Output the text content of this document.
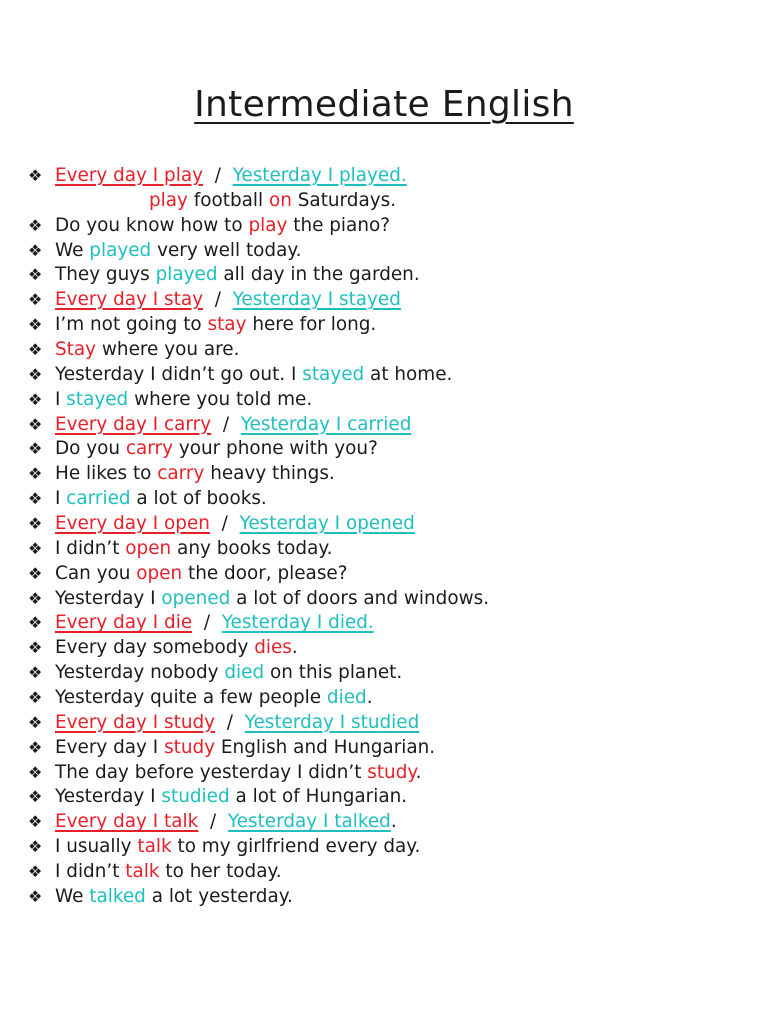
Intermediate English
❖ Every day I play  /  Yesterday I played.
play football on Saturdays.
❖ Do you know how to play the piano?
❖ We played very well today.
❖ They guys played all day in the garden.
❖ Every day I stay  /  Yesterday I stayed
❖ I’m not going to stay here for long.
❖ Stay where you are.
❖ Yesterday I didn’t go out. I stayed at home.
❖ I stayed where you told me.
❖ Every day I carry  /  Yesterday I carried
❖ Do you carry your phone with you?
❖ He likes to carry heavy things.
❖ I carried a lot of books.
❖ Every day I open  /  Yesterday I opened
❖ I didn’t open any books today.
❖ Can you open the door, please?
❖ Yesterday I opened a lot of doors and windows.
❖ Every day I die  /  Yesterday I died.
❖ Every day somebody dies.
❖ Yesterday nobody died on this planet.
❖ Yesterday quite a few people died.
❖ Every day I study  /  Yesterday I studied
❖ Every day I study English and Hungarian.
❖ The day before yesterday I didn’t study.
❖ Yesterday I studied a lot of Hungarian.
❖ Every day I talk  /  Yesterday I talked.
❖ I usually talk to my girlfriend every day.
❖ I didn’t talk to her today.
❖ We talked a lot yesterday.
